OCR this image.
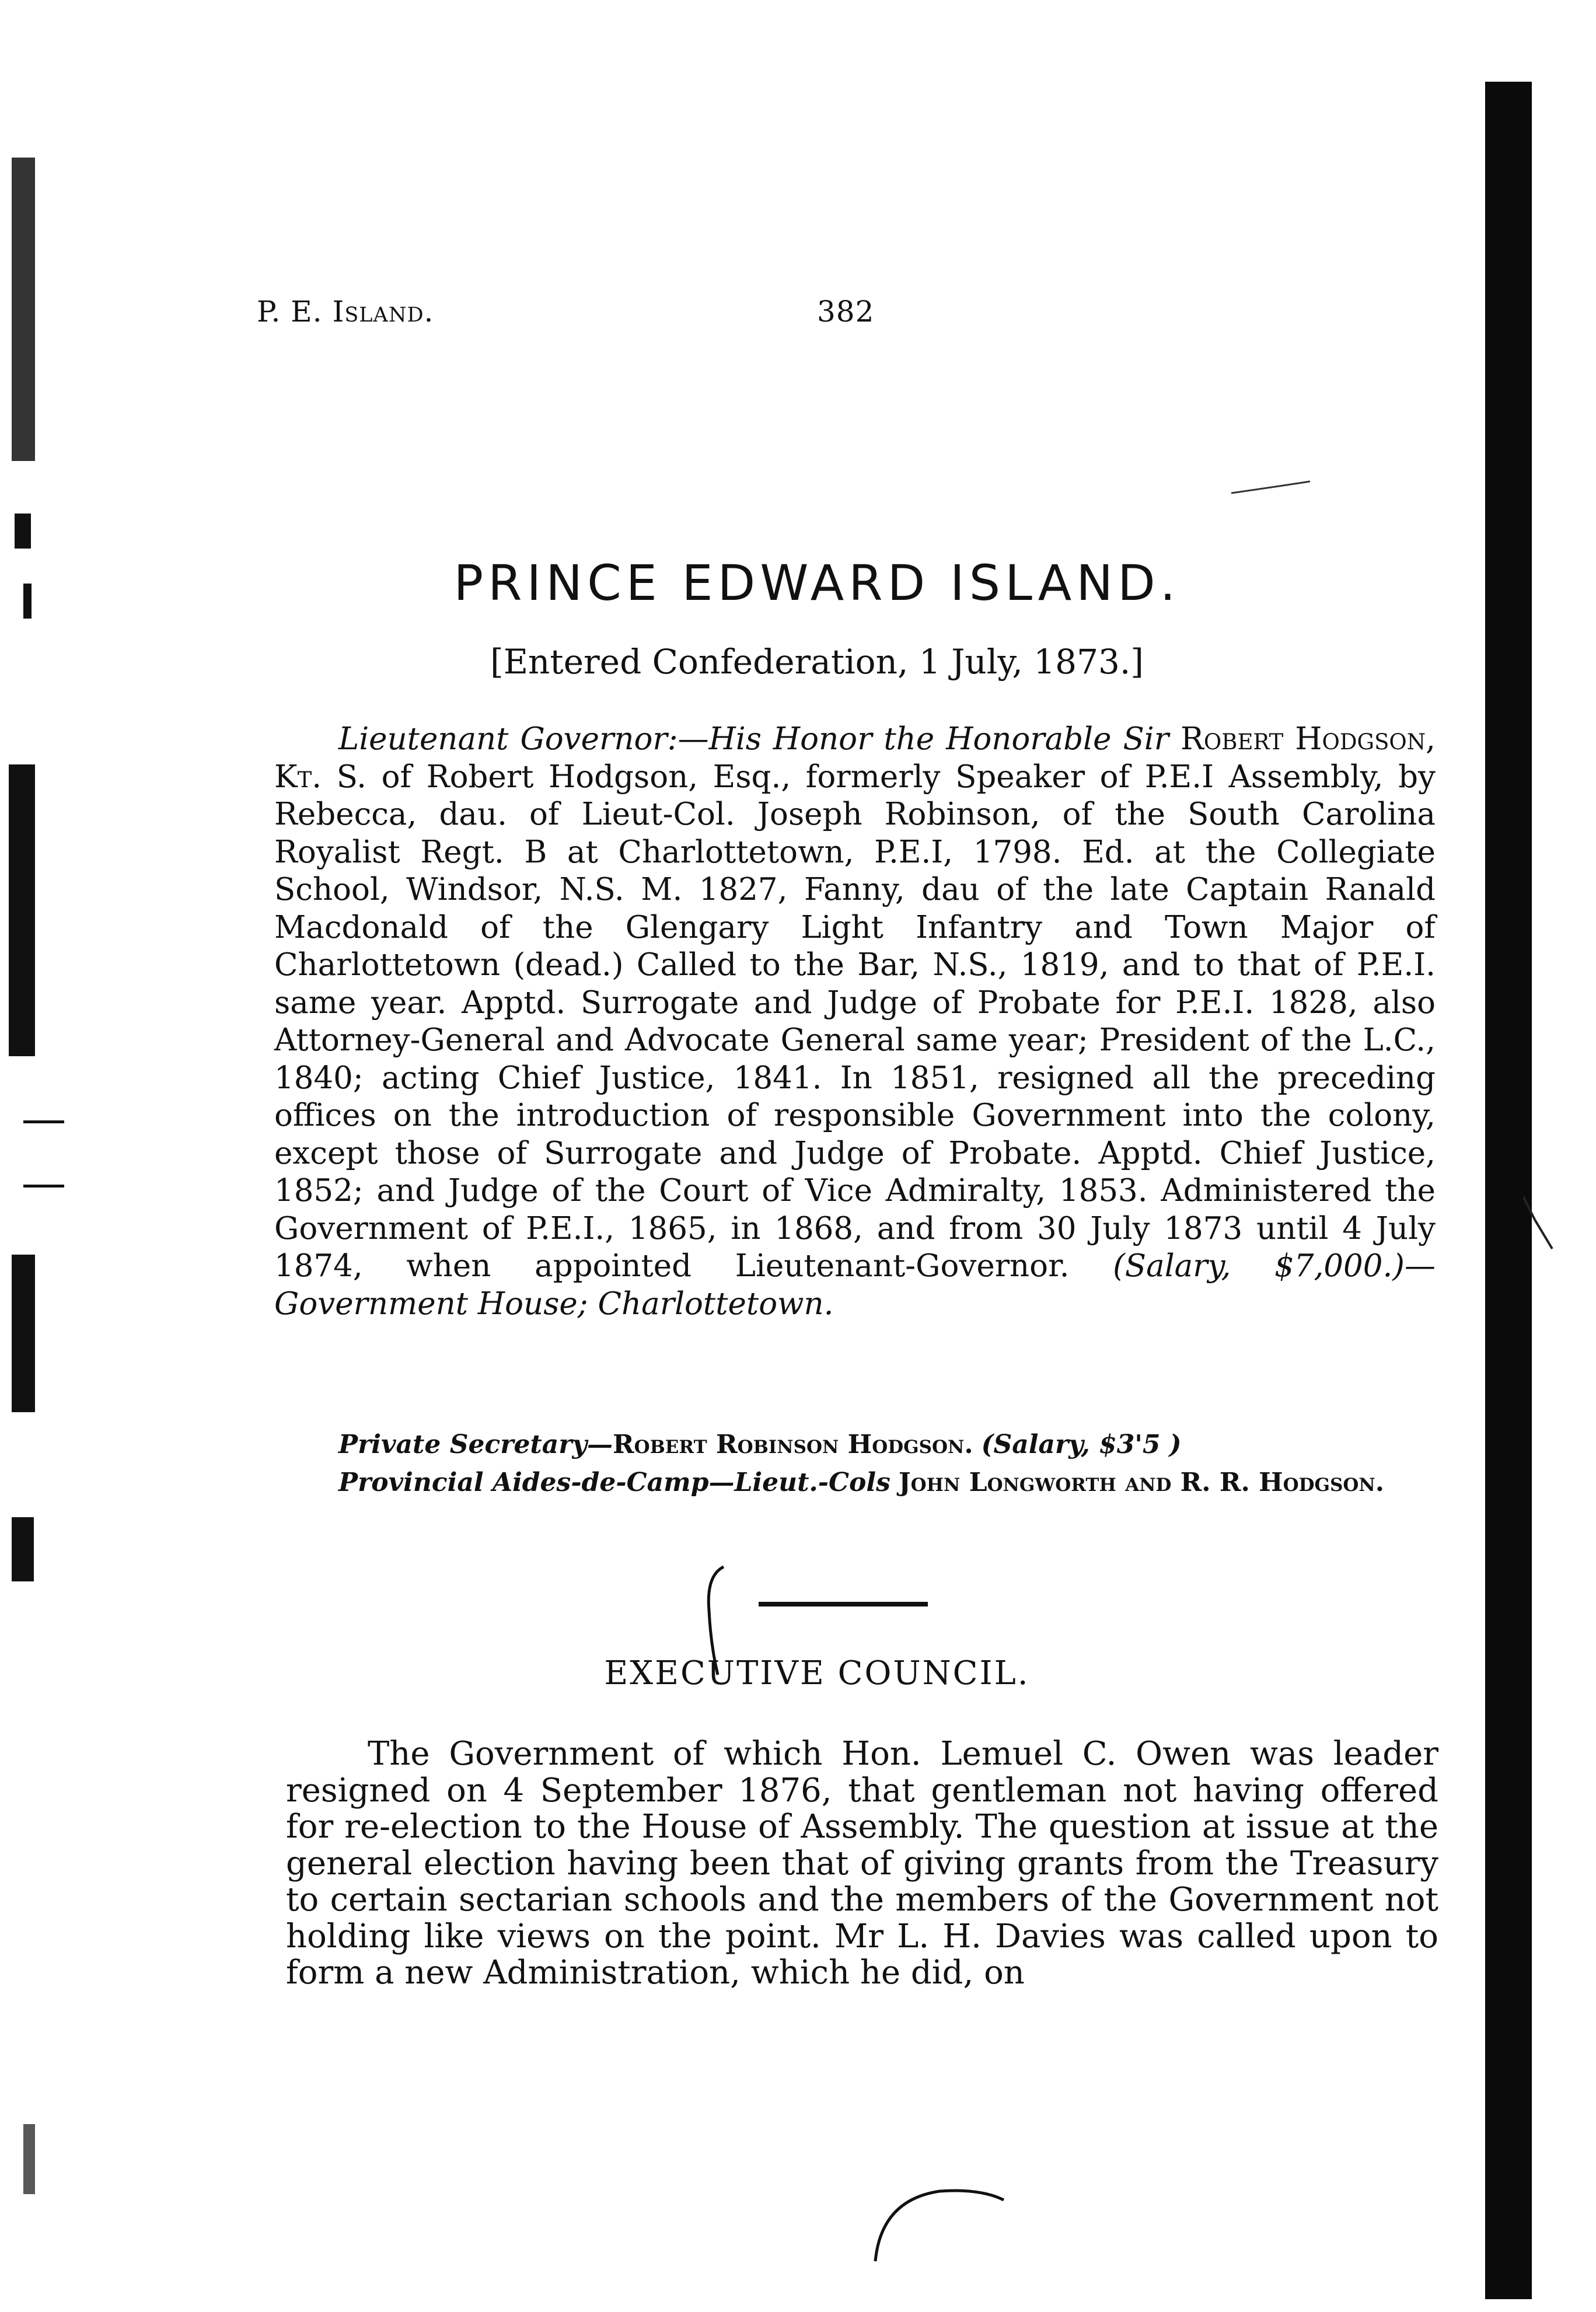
P. E. Island.	382
PRINCE EDWARD ISLAND.
[Entered Confederation, 1 July, 1873.]
Lieutenant Governor:—His Honor the Honorable Sir Robert Hodgson, Kt. S. of Robert Hodgson, Esq., formerly Speaker of P.E.I Assembly, by Rebecca, dau. of Lieut-Col. Joseph Robinson, of the South Carolina Royalist Regt. B at Charlottetown, P.E.I, 1798. Ed. at the Collegiate School, Windsor, N.S. M. 1827, Fanny, dau of the late Captain Ranald Macdonald of the Glengary Light Infantry and Town Major of Charlottetown (dead.) Called to the Bar, N.S., 1819, and to that of P.E.I. same year. Apptd. Surrogate and Judge of Probate for P.E.I. 1828, also Attorney-General and Advocate General same year; President of the L.C., 1840; acting Chief Justice, 1841. In 1851, resigned all the preceding offices on the introduction of responsible Government into the colony, except those of Surrogate and Judge of Probate. Apptd. Chief Justice, 1852; and Judge of the Court of Vice Admiralty, 1853. Administered the Government of P.E.I., 1865, in 1868, and from 30 July 1873 until 4 July 1874, when appointed Lieutenant-Governor. (Salary, $7,000.)—Government House; Charlottetown.
Private Secretary—Robert Robinson Hodgson. (Salary, $3'5 )
Provincial Aides-de-Camp—Lieut.-Cols John Longworth and R. R. Hodgson.
EXECUTIVE COUNCIL.
The Government of which Hon. Lemuel C. Owen was leader resigned on 4 September 1876, that gentleman not having offered for re-election to the House of Assembly. The question at issue at the general election having been that of giving grants from the Treasury to certain sectarian schools and the members of the Government not holding like views on the point. Mr L. H. Davies was called upon to form a new Administration, which he did, on
